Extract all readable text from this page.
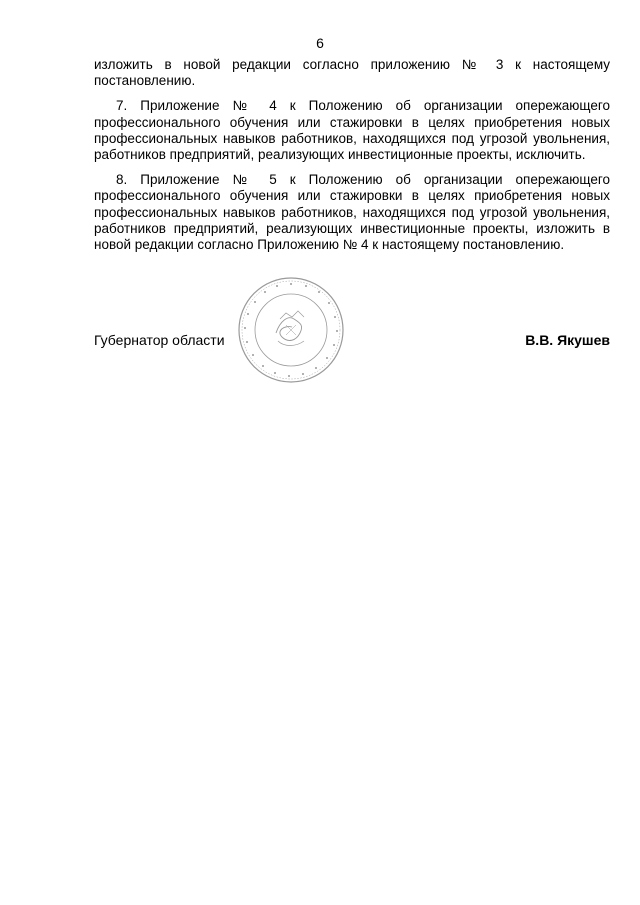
6

изложить в новой редакции согласно приложению № 3 к настоящему постановлению.

7. Приложение № 4 к Положению об организации опережающего профессионального обучения или стажировки в целях приобретения новых профессиональных навыков работников, находящихся под угрозой увольнения, работников предприятий, реализующих инвестиционные проекты, исключить.

8. Приложение № 5 к Положению об организации опережающего профессионального обучения или стажировки в целях приобретения новых профессиональных навыков работников, находящихся под угрозой увольнения, работников предприятий, реализующих инвестиционные проекты, изложить в новой редакции согласно Приложению № 4 к настоящему постановлению.

Губернатор области	В.В. Якушев
